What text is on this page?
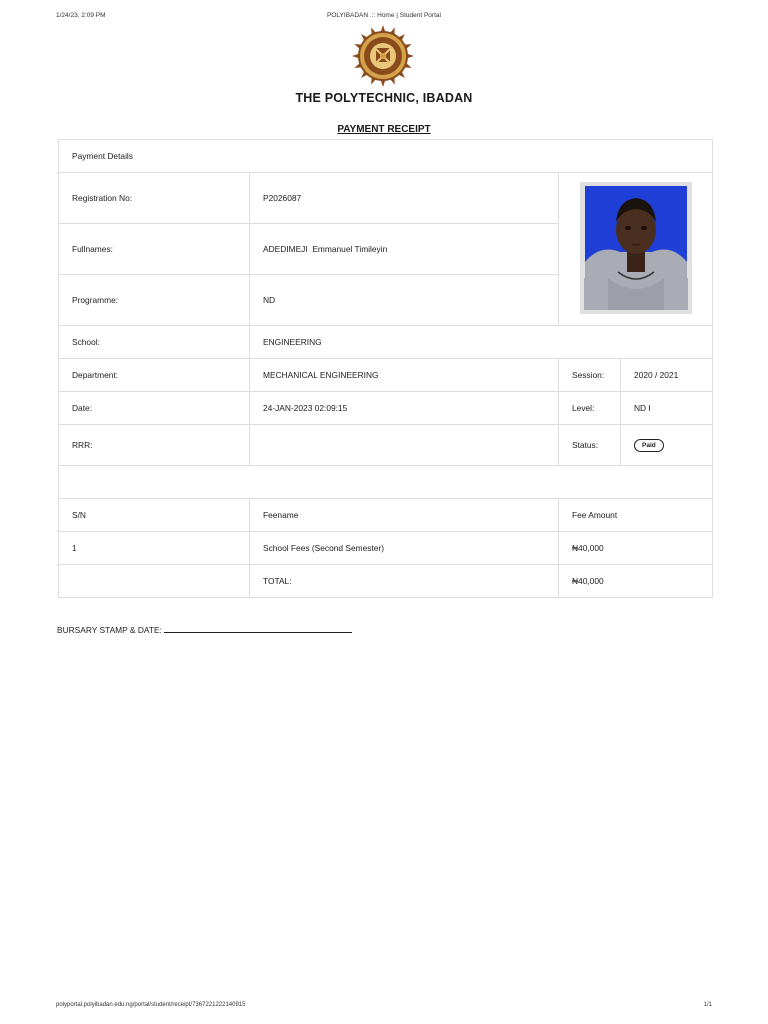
1/24/23, 2:09 PM	POLYIBADAN .:: Home | Student Portal
THE POLYTECHNIC, IBADAN
PAYMENT RECEIPT
Payment Details			
Registration No:	P2026087	
Fullnames:	ADEDIMEJI  Emmanuel Timileyin		
Programme:	ND		
School:	ENGINEERING		
Department:	MECHANICAL ENGINEERING	Session:	2020 / 2021
Date:	24-JAN-2023 02:09:15	Level:	ND I
RRR:		Status:	Paid

S/N	Feename	Fee Amount	
1	School Fees (Second Semester)	₦40,000	
	TOTAL:	₦40,000	
BURSARY STAMP & DATE:
polyportal.polyibadan.edu.ng/portal/student/receipt/7367221222140915	1/1
